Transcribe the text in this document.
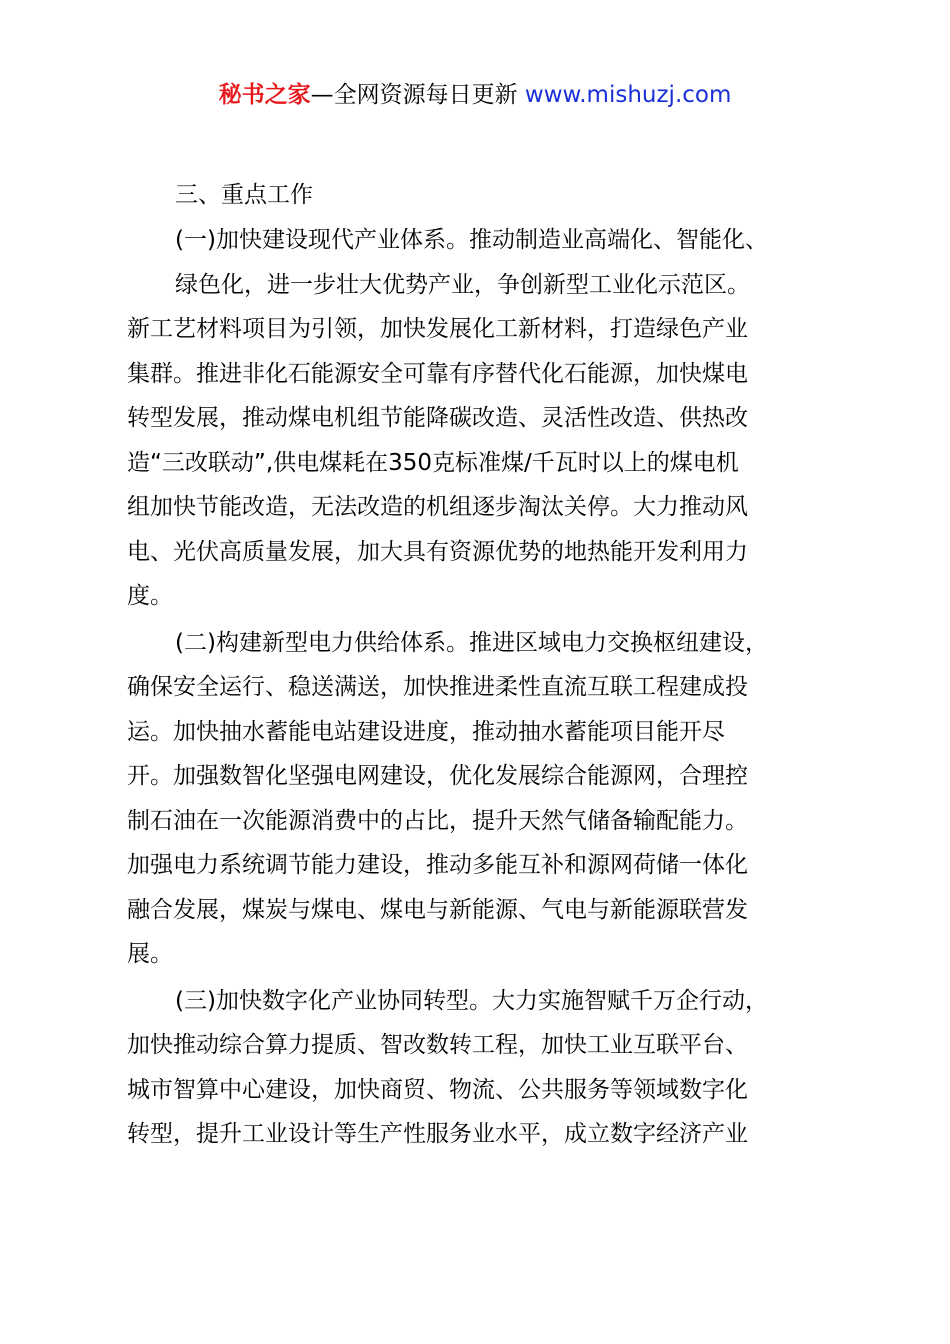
秘书之家—全网资源每日更新 www.mishuzj.com
三、重点工作

(一)加快建设现代产业体系。推动制造业高端化、智能化、
绿色化，进一步壮大优势产业，争创新型工业化示范区。
新工艺材料项目为引领，加快发展化工新材料，打造绿色产业
集群。推进非化石能源安全可靠有序替代化石能源，加快煤电
转型发展，推动煤电机组节能降碳改造、灵活性改造、供热改
造“三改联动”,供电煤耗在350克标准煤/千瓦时以上的煤电机
组加快节能改造，无法改造的机组逐步淘汰关停。大力推动风
电、光伏高质量发展，加大具有资源优势的地热能开发利用力
度。

(二)构建新型电力供给体系。推进区域电力交换枢纽建设，
确保安全运行、稳送满送，加快推进柔性直流互联工程建成投
运。加快抽水蓄能电站建设进度，推动抽水蓄能项目能开尽
开。加强数智化坚强电网建设，优化发展综合能源网，合理控
制石油在一次能源消费中的占比，提升天然气储备输配能力。
加强电力系统调节能力建设，推动多能互补和源网荷储一体化
融合发展，煤炭与煤电、煤电与新能源、气电与新能源联营发
展。

(三)加快数字化产业协同转型。大力实施智赋千万企行动，
加快推动综合算力提质、智改数转工程，加快工业互联平台、
城市智算中心建设，加快商贸、物流、公共服务等领域数字化
转型，提升工业设计等生产性服务业水平，成立数字经济产业
